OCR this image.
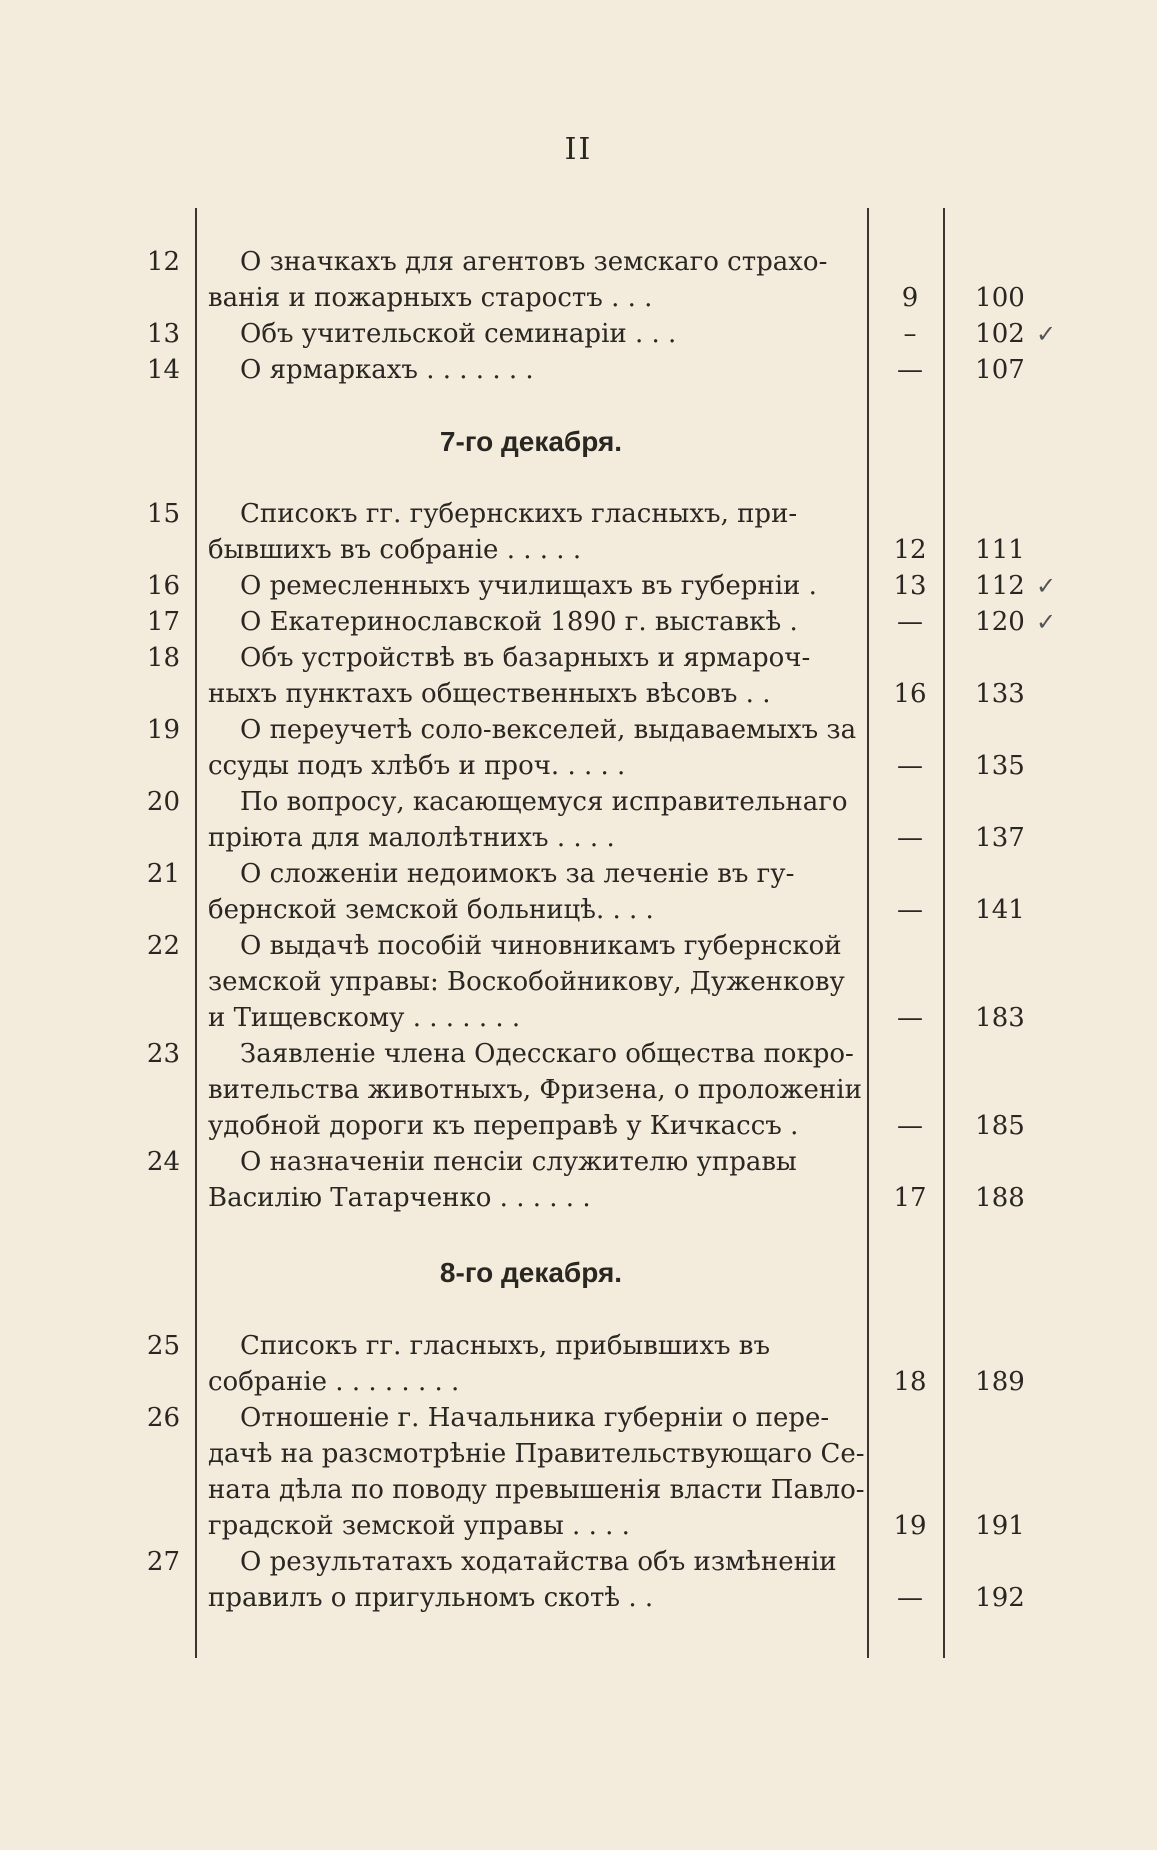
II
12 О значкахъ для агентовъ земскаго страхо-
ванія и пожарныхъ старостъ . . .	9	100
13 Объ учительской семинаріи . . .	–	102 ✓
14 О ярмаркахъ . . . . . . .	—	107
7-го декабря.
15 Списокъ гг. губернскихъ гласныхъ, при-
бывшихъ въ собраніе . . . . .	12	111
16 О ремесленныхъ училищахъ въ губерніи .	13	112 ✓
17 О Екатеринославской 1890 г. выставкѣ .	—	120 ✓
18 Объ устройствѣ въ базарныхъ и ярмароч-
ныхъ пунктахъ общественныхъ вѣсовъ . .	16	133
19 О переучетѣ соло-векселей, выдаваемыхъ за
ссуды подъ хлѣбъ и проч. . . . .	—	135
20 По вопросу, касающемуся исправительнаго
пріюта для малолѣтнихъ . . . .	—	137
21 О сложеніи недоимокъ за леченіе въ гу-
бернской земской больницѣ. . . .	—	141
22 О выдачѣ пособій чиновникамъ губернской
земской управы: Воскобойникову, Дуженкову
и Тищевскому . . . . . . .	—	183
23 Заявленіе члена Одесскаго общества покро-
вительства животныхъ, Фризена, о проложеніи
удобной дороги къ переправѣ у Кичкассъ .	—	185
24 О назначеніи пенсіи служителю управы
Василію Татарченко . . . . . .	17	188
8-го декабря.
25 Списокъ гг. гласныхъ, прибывшихъ въ
собраніе . . . . . . . .	18	189
26 Отношеніе г. Начальника губерніи о пере-
дачѣ на разсмотрѣніе Правительствующаго Се-
ната дѣла по поводу превышенія власти Павло-
градской земской управы . . . .	19	191
27 О результатахъ ходатайства объ измѣненіи
правилъ о пригульномъ скотѣ . .	—	192
